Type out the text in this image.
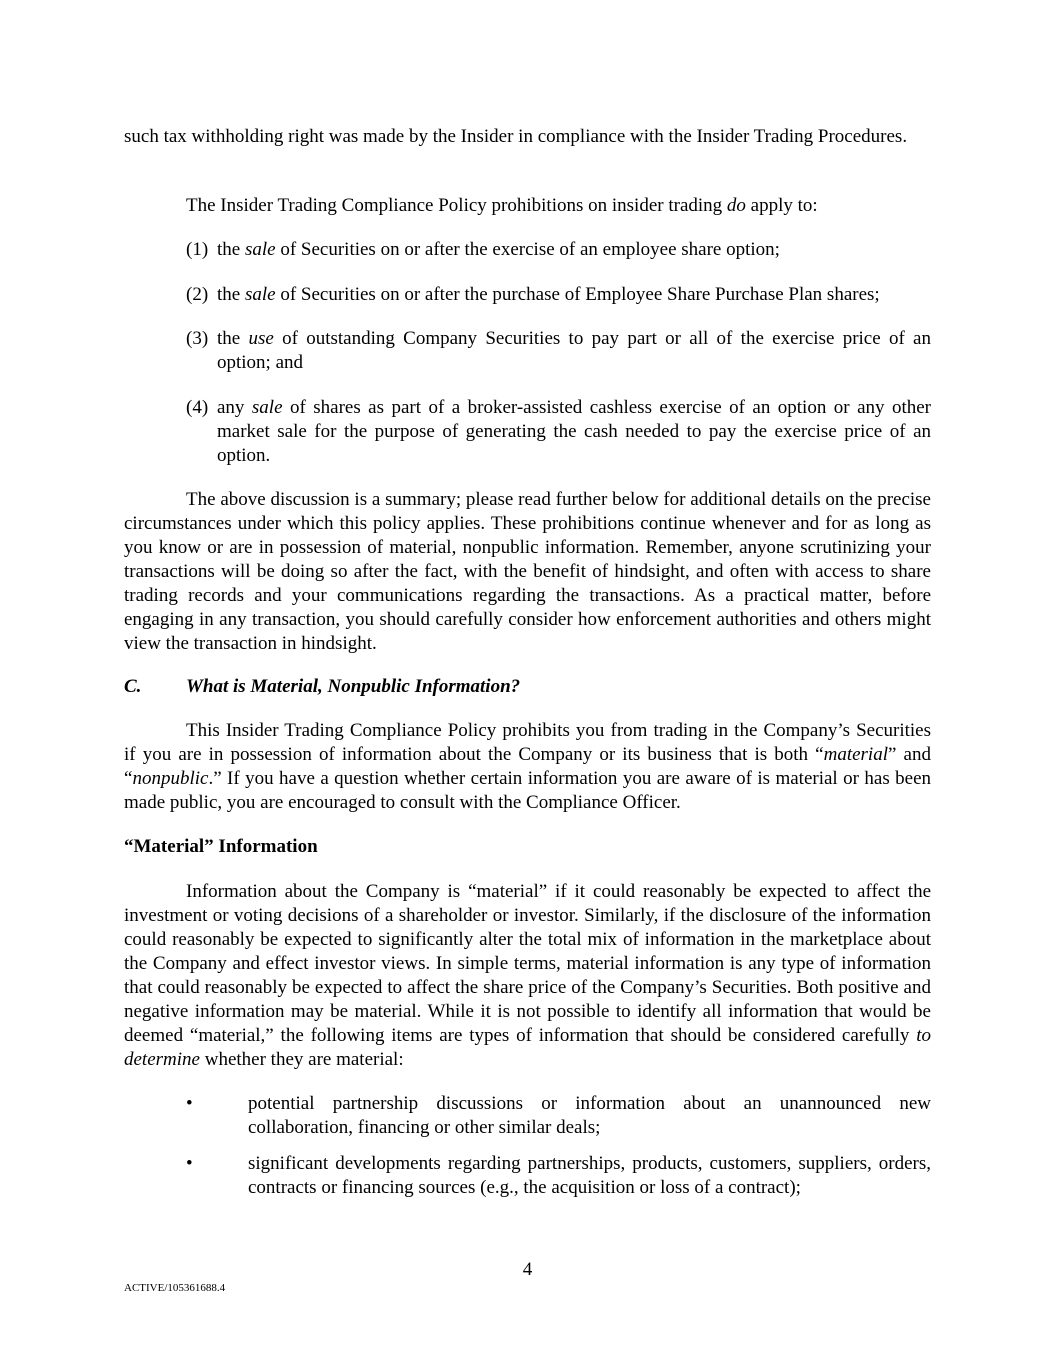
such tax withholding right was made by the Insider in compliance with the Insider Trading Procedures.

The Insider Trading Compliance Policy prohibitions on insider trading do apply to:

(1) the sale of Securities on or after the exercise of an employee share option;

(2) the sale of Securities on or after the purchase of Employee Share Purchase Plan shares;

(3) the use of outstanding Company Securities to pay part or all of the exercise price of an option; and

(4) any sale of shares as part of a broker-assisted cashless exercise of an option or any other market sale for the purpose of generating the cash needed to pay the exercise price of an option.

The above discussion is a summary; please read further below for additional details on the precise circumstances under which this policy applies. These prohibitions continue whenever and for as long as you know or are in possession of material, nonpublic information. Remember, anyone scrutinizing your transactions will be doing so after the fact, with the benefit of hindsight, and often with access to share trading records and your communications regarding the transactions. As a practical matter, before engaging in any transaction, you should carefully consider how enforcement authorities and others might view the transaction in hindsight.

C. What is Material, Nonpublic Information?

This Insider Trading Compliance Policy prohibits you from trading in the Company’s Securities if you are in possession of information about the Company or its business that is both “material” and “nonpublic.” If you have a question whether certain information you are aware of is material or has been made public, you are encouraged to consult with the Compliance Officer.

“Material” Information

Information about the Company is “material” if it could reasonably be expected to affect the investment or voting decisions of a shareholder or investor. Similarly, if the disclosure of the information could reasonably be expected to significantly alter the total mix of information in the marketplace about the Company and effect investor views. In simple terms, material information is any type of information that could reasonably be expected to affect the share price of the Company’s Securities. Both positive and negative information may be material. While it is not possible to identify all information that would be deemed “material,” the following items are types of information that should be considered carefully to determine whether they are material:

•	potential partnership discussions or information about an unannounced new collaboration, financing or other similar deals;

•	significant developments regarding partnerships, products, customers, suppliers, orders, contracts or financing sources (e.g., the acquisition or loss of a contract);

4
ACTIVE/105361688.4
